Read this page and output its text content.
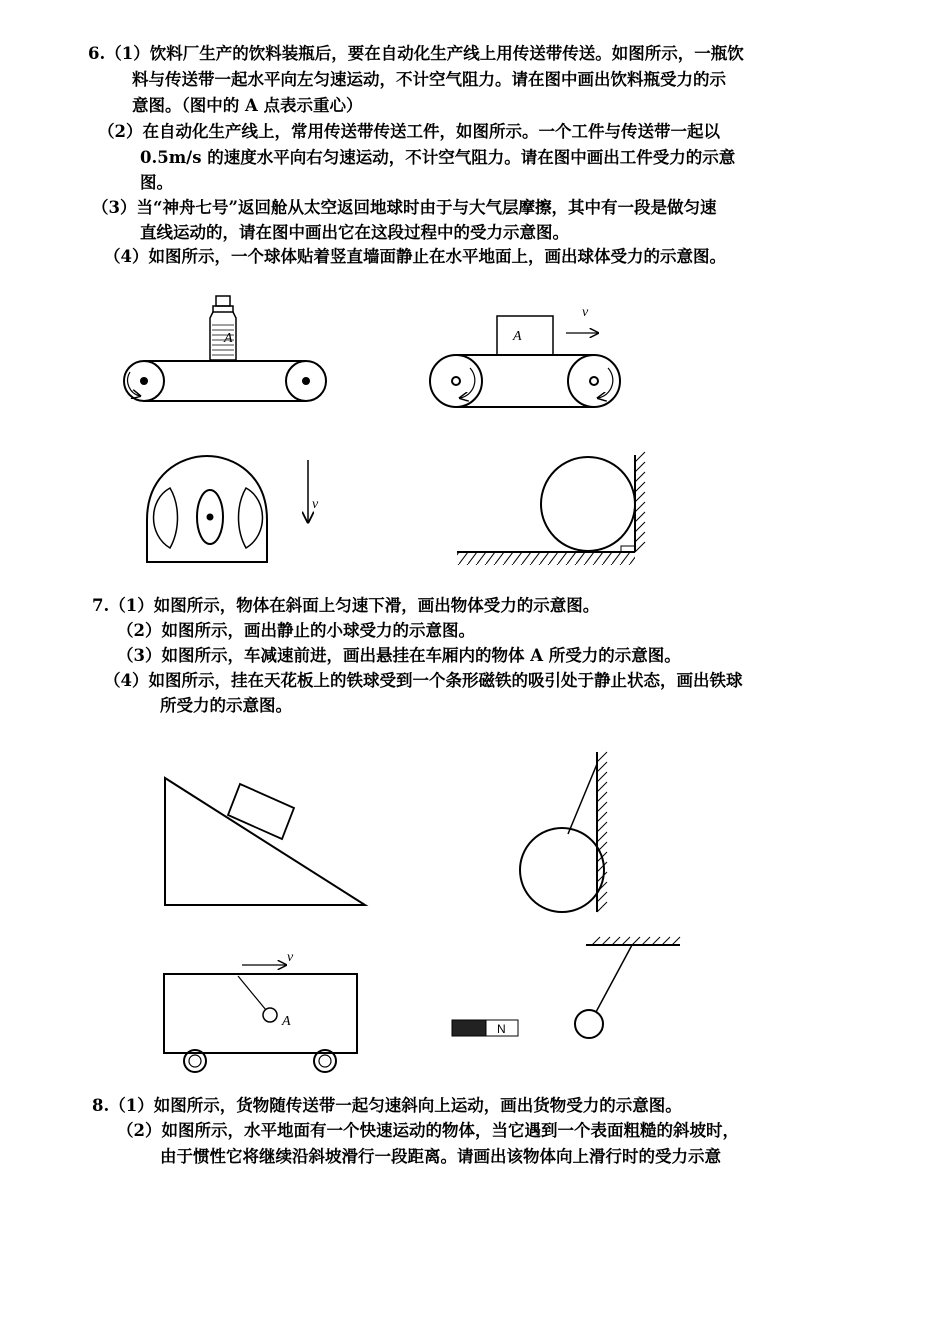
6.（1）饮料厂生产的饮料装瓶后，要在自动化生产线上用传送带传送。如图所示，一瓶饮
料与传送带一起水平向左匀速运动，不计空气阻力。请在图中画出饮料瓶受力的示
意图。（图中的 A 点表示重心）
（2）在自动化生产线上，常用传送带传送工件，如图所示。一个工件与传送带一起以
0.5m/s 的速度水平向右匀速运动，不计空气阻力。请在图中画出工件受力的示意
图。
（3）当“神舟七号”返回舱从太空返回地球时由于与大气层摩擦，其中有一段是做匀速
直线运动的，请在图中画出它在这段过程中的受力示意图。
（4）如图所示，一个球体贴着竖直墙面静止在水平地面上，画出球体受力的示意图。
7.（1）如图所示，物体在斜面上匀速下滑，画出物体受力的示意图。
（2）如图所示，画出静止的小球受力的示意图。
（3）如图所示，车减速前进，画出悬挂在车厢内的物体 A 所受力的示意图。
（4）如图所示，挂在天花板上的铁球受到一个条形磁铁的吸引处于静止状态，画出铁球
所受力的示意图。
8.（1）如图所示，货物随传送带一起匀速斜向上运动，画出货物受力的示意图。
（2）如图所示，水平地面有一个快速运动的物体，当它遇到一个表面粗糙的斜坡时，
由于惯性它将继续沿斜坡滑行一段距离。请画出该物体向上滑行时的受力示意
A	A
v
v
v
A	N
